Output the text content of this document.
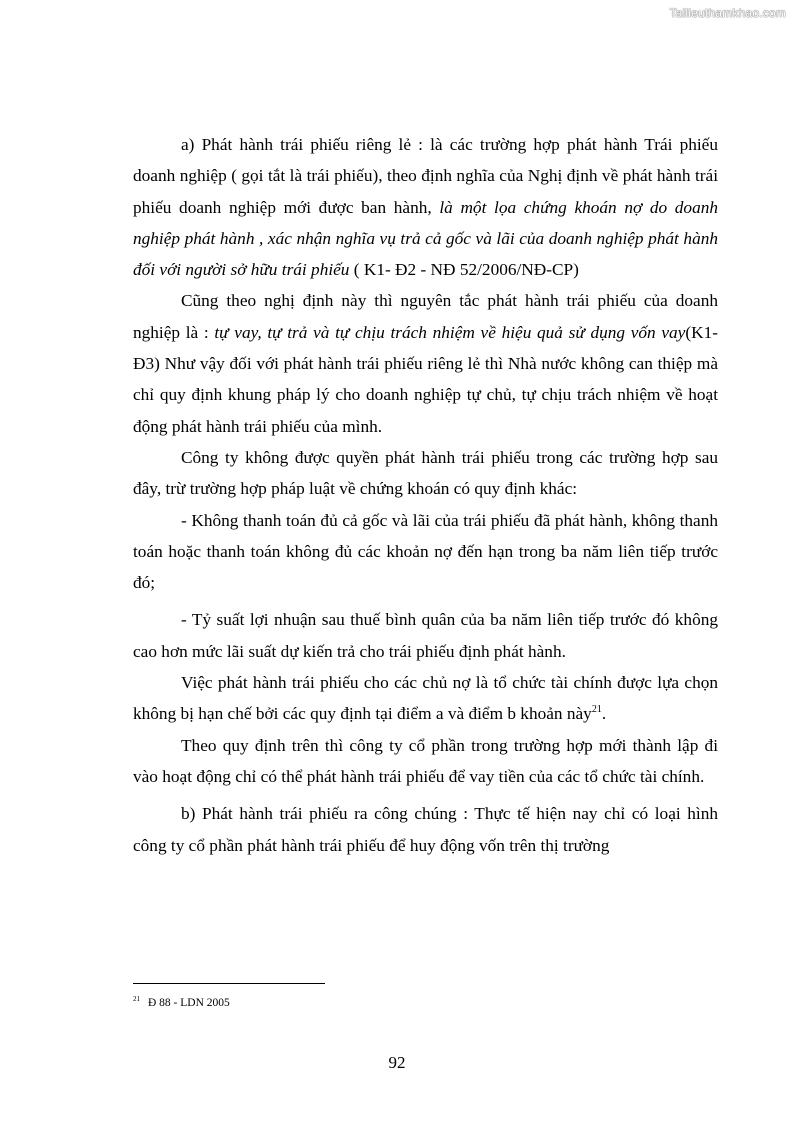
Tailieuthamkhao.com

a) Phát hành trái phiếu riêng lẻ : là các trường hợp phát hành Trái phiếu doanh nghiệp ( gọi tắt là trái phiếu), theo định nghĩa của Nghị định về phát hành trái phiếu doanh nghiệp mới được ban hành, là một lọa chứng khoán nợ do doanh nghiệp phát hành , xác nhận nghĩa vụ trả cả gốc và lãi của doanh nghiệp phát hành đối với người sở hữu trái phiếu ( K1- Đ2 - NĐ 52/2006/NĐ-CP)

Cũng theo nghị định này thì nguyên tắc phát hành trái phiếu của doanh nghiệp là : tự vay, tự trả và tự chịu trách nhiệm về hiệu quả sử dụng vốn vay(K1-Đ3) Như vậy đối với phát hành trái phiếu riêng lẻ thì Nhà nước không can thiệp mà chỉ quy định khung pháp lý cho doanh nghiệp tự chủ, tự chịu trách nhiệm về hoạt động phát hành trái phiếu của mình.

Công ty không được quyền phát hành trái phiếu trong các trường hợp sau đây, trừ trường hợp pháp luật về chứng khoán có quy định khác:

- Không thanh toán đủ cả gốc và lãi của trái phiếu đã phát hành, không thanh toán hoặc thanh toán không đủ các khoản nợ đến hạn trong ba năm liên tiếp trước đó;

- Tỷ suất lợi nhuận sau thuế bình quân của ba năm liên tiếp trước đó không cao hơn mức lãi suất dự kiến trả cho trái phiếu định phát hành.

Việc phát hành trái phiếu cho các chủ nợ là tổ chức tài chính được lựa chọn không bị hạn chế bởi các quy định tại điểm a và điểm b khoản này$^{21}$.

Theo quy định trên thì công ty cổ phần trong trường hợp mới thành lập đi vào hoạt động chỉ có thể phát hành trái phiếu để vay tiền của các tổ chức tài chính.

b) Phát hành trái phiếu ra công chúng : Thực tế hiện nay chỉ có loại hình công ty cổ phần phát hành trái phiếu để huy động vốn trên thị trường

$^{21}$ Đ 88 - LDN 2005
92
